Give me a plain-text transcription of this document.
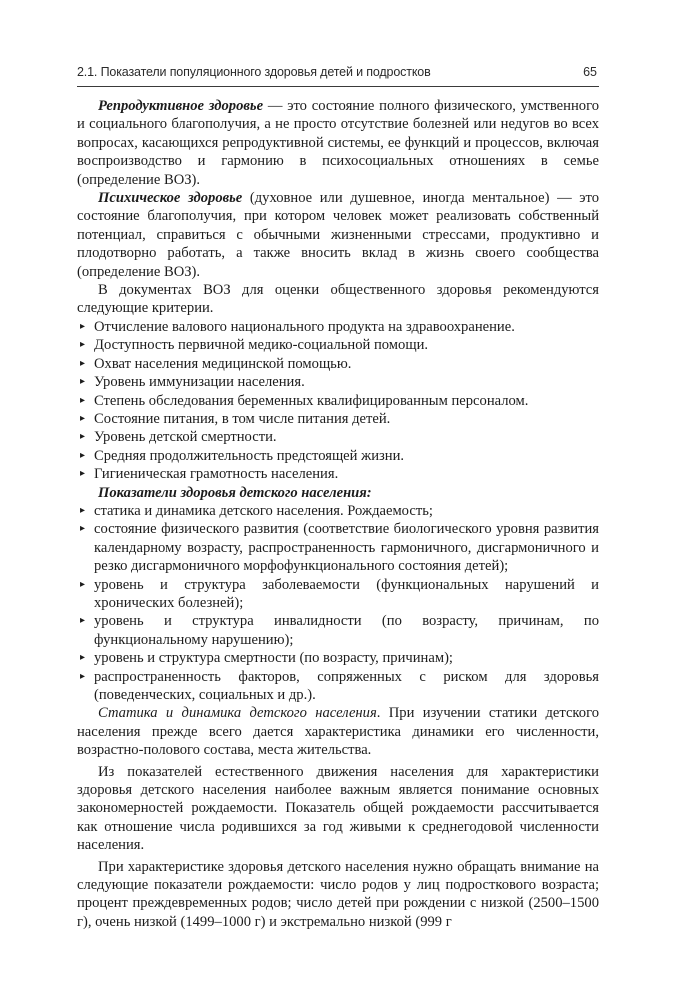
2.1. Показатели популяционного здоровья детей и подростков	65

Репродуктивное здоровье — это состояние полного физического, умственного и социального благополучия, а не просто отсутствие болезней или недугов во всех вопросах, касающихся репродуктивной системы, ее функций и процессов, включая воспроизводство и гармонию в психосоциальных отношениях в семье (определение ВОЗ).

Психическое здоровье (духовное или душевное, иногда ментальное) — это состояние благополучия, при котором человек может реализовать собственный потенциал, справиться с обычными жизненными стрессами, продуктивно и плодотворно работать, а также вносить вклад в жизнь своего сообщества (определение ВОЗ).

В документах ВОЗ для оценки общественного здоровья рекомендуются следующие критерии.

▸ Отчисление валового национального продукта на здравоохранение.
▸ Доступность первичной медико-социальной помощи.
▸ Охват населения медицинской помощью.
▸ Уровень иммунизации населения.
▸ Степень обследования беременных квалифицированным персоналом.
▸ Состояние питания, в том числе питания детей.
▸ Уровень детской смертности.
▸ Средняя продолжительность предстоящей жизни.
▸ Гигиеническая грамотность населения.

Показатели здоровья детского населения:

▸ статика и динамика детского населения. Рождаемость;
▸ состояние физического развития (соответствие биологического уровня развития календарному возрасту, распространенность гармоничного, дисгармоничного и резко дисгармоничного морфофункционального состояния детей);
▸ уровень и структура заболеваемости (функциональных нарушений и хронических болезней);
▸ уровень и структура инвалидности (по возрасту, причинам, по функциональному нарушению);
▸ уровень и структура смертности (по возрасту, причинам);
▸ распространенность факторов, сопряженных с риском для здоровья (поведенческих, социальных и др.).

Статика и динамика детского населения. При изучении статики детского населения прежде всего дается характеристика динамики его численности, возрастно-полового состава, места жительства.

Из показателей естественного движения населения для характеристики здоровья детского населения наиболее важным является понимание основных закономерностей рождаемости. Показатель общей рождаемости рассчитывается как отношение числа родившихся за год живыми к среднегодовой численности населения.

При характеристике здоровья детского населения нужно обращать внимание на следующие показатели рождаемости: число родов у лиц подросткового возраста; процент преждевременных родов; число детей при рождении с низкой (2500–1500 г), очень низкой (1499–1000 г) и экстремально низкой (999 г
